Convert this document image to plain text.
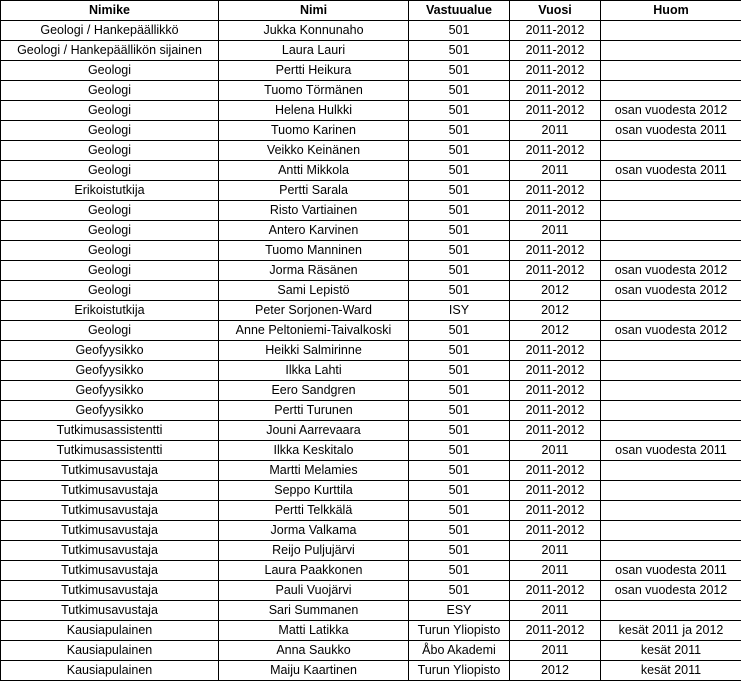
Nimike	Nimi	Vastuualue	Vuosi	Huom
Geologi / Hankepäällikkö	Jukka Konnunaho	501	2011-2012	
Geologi / Hankepäällikön sijainen	Laura Lauri	501	2011-2012	
Geologi	Pertti Heikura	501	2011-2012	
Geologi	Tuomo Törmänen	501	2011-2012	
Geologi	Helena Hulkki	501	2011-2012	osan vuodesta 2012
Geologi	Tuomo Karinen	501	2011	osan vuodesta 2011
Geologi	Veikko Keinänen	501	2011-2012	
Geologi	Antti Mikkola	501	2011	osan vuodesta 2011
Erikoistutkija	Pertti Sarala	501	2011-2012	
Geologi	Risto Vartiainen	501	2011-2012	
Geologi	Antero Karvinen	501	2011	
Geologi	Tuomo Manninen	501	2011-2012	
Geologi	Jorma Räsänen	501	2011-2012	osan vuodesta 2012
Geologi	Sami Lepistö	501	2012	osan vuodesta 2012
Erikoistutkija	Peter Sorjonen-Ward	ISY	2012	
Geologi	Anne Peltoniemi-Taivalkoski	501	2012	osan vuodesta 2012
Geofyysikko	Heikki Salmirinne	501	2011-2012	
Geofyysikko	Ilkka Lahti	501	2011-2012	
Geofyysikko	Eero Sandgren	501	2011-2012	
Geofyysikko	Pertti Turunen	501	2011-2012	
Tutkimusassistentti	Jouni Aarrevaara	501	2011-2012	
Tutkimusassistentti	Ilkka Keskitalo	501	2011	osan vuodesta 2011
Tutkimusavustaja	Martti Melamies	501	2011-2012	
Tutkimusavustaja	Seppo Kurttila	501	2011-2012	
Tutkimusavustaja	Pertti Telkkälä	501	2011-2012	
Tutkimusavustaja	Jorma Valkama	501	2011-2012	
Tutkimusavustaja	Reijo Puljujärvi	501	2011	
Tutkimusavustaja	Laura Paakkonen	501	2011	osan vuodesta 2011
Tutkimusavustaja	Pauli Vuojärvi	501	2011-2012	osan vuodesta 2012
Tutkimusavustaja	Sari Summanen	ESY	2011	
Kausiapulainen	Matti Latikka	Turun Yliopisto	2011-2012	kesät 2011 ja 2012
Kausiapulainen	Anna Saukko	Åbo Akademi	2011	kesät 2011
Kausiapulainen	Maiju Kaartinen	Turun Yliopisto	2012	kesät 2011
